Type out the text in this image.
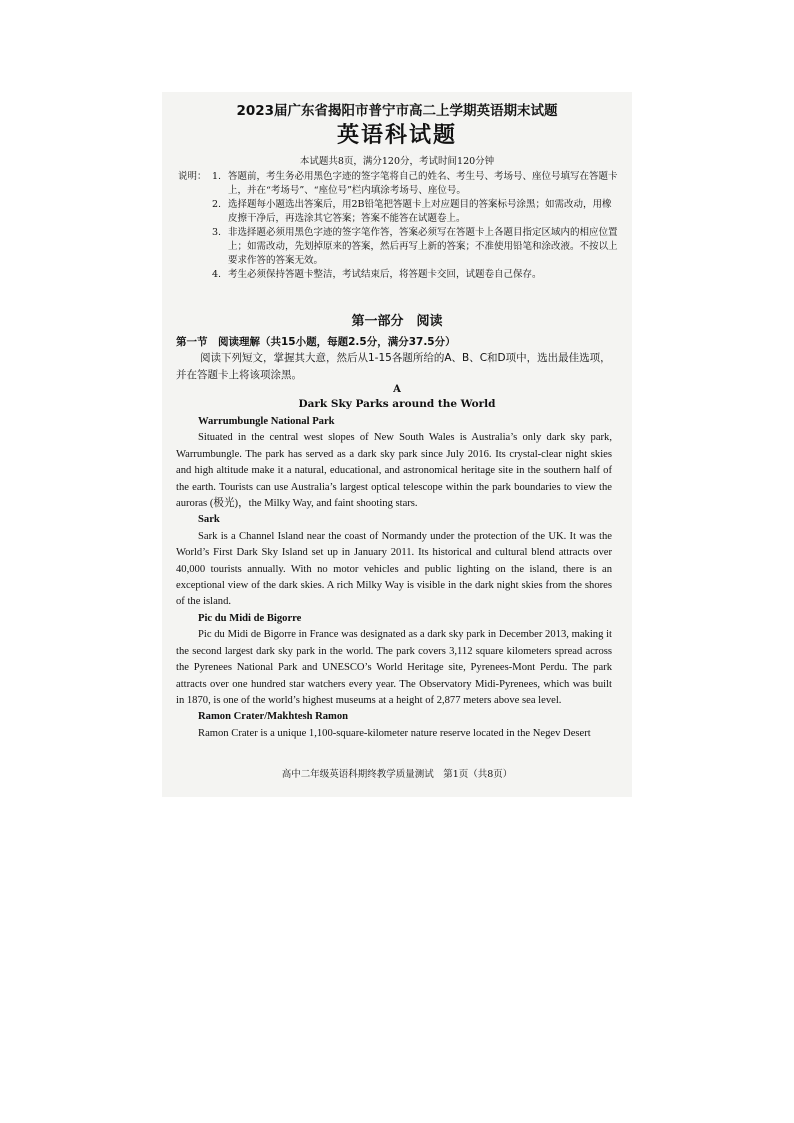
2023届广东省揭阳市普宁市高二上学期英语期末试题
英语科试题
本试题共8页，满分120分，考试时间120分钟
说明： 1. 答题前，考生务必用黑色字迹的签字笔将自己的姓名、考生号、考场号、座位号填写在答题卡上，并在“考场号”、“座位号”栏内填涂考场号、座位号。
2. 选择题每小题选出答案后，用2B铅笔把答题卡上对应题目的答案标号涂黑；如需改动，用橡皮擦干净后，再选涂其它答案；答案不能答在试题卷上。
3. 非选择题必须用黑色字迹的签字笔作答，答案必须写在答题卡上各题目指定区域内的相应位置上；如需改动，先划掉原来的答案，然后再写上新的答案；不准使用铅笔和涂改液。不按以上要求作答的答案无效。
4. 考生必须保持答题卡整洁，考试结束后，将答题卡交回，试题卷自己保存。
第一部分　阅读
第一节　阅读理解（共15小题，每题2.5分，满分37.5分）
阅读下列短文，掌握其大意，然后从1-15各题所给的A、B、C和D项中，选出最佳选项，并在答题卡上将该项涂黑。
A
Dark Sky Parks around the World
Warrumbungle National Park
Situated in the central west slopes of New South Wales is Australia’s only dark sky park, Warrumbungle. The park has served as a dark sky park since July 2016. Its crystal-clear night skies and high altitude make it a natural, educational, and astronomical heritage site in the southern half of the earth. Tourists can use Australia’s largest optical telescope within the park boundaries to view the auroras (极光)，the Milky Way, and faint shooting stars.
Sark
Sark is a Channel Island near the coast of Normandy under the protection of the UK. It was the World’s First Dark Sky Island set up in January 2011. Its historical and cultural blend attracts over 40,000 tourists annually. With no motor vehicles and public lighting on the island, there is an exceptional view of the dark skies. A rich Milky Way is visible in the dark night skies from the shores of the island.
Pic du Midi de Bigorre
Pic du Midi de Bigorre in France was designated as a dark sky park in December 2013, making it the second largest dark sky park in the world. The park covers 3,112 square kilometers spread across the Pyrenees National Park and UNESCO’s World Heritage site, Pyrenees-Mont Perdu. The park attracts over one hundred star watchers every year. The Observatory Midi-Pyrenees, which was built in 1870, is one of the world’s highest museums at a height of 2,877 meters above sea level.
Ramon Crater/Makhtesh Ramon
Ramon Crater is a unique 1,100-square-kilometer nature reserve located in the Negev Desert
高中二年级英语科期终教学质量测试　第1页（共8页）
